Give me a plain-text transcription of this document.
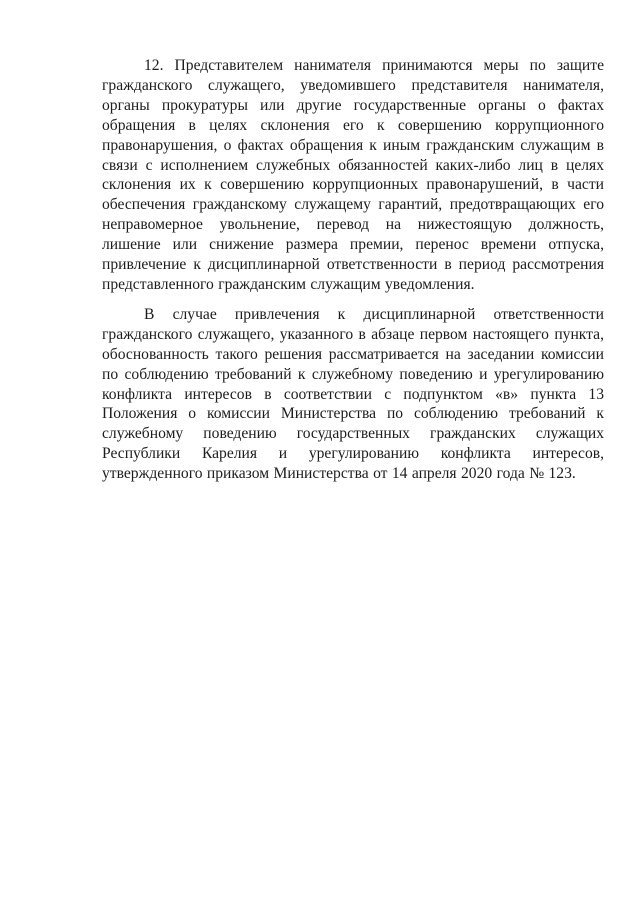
12. Представителем нанимателя принимаются меры по защите гражданского служащего, уведомившего представителя нанимателя, органы прокуратуры или другие государственные органы о фактах обращения в целях склонения его к совершению коррупционного правонарушения, о фактах обращения к иным гражданским служащим в связи с исполнением служебных обязанностей каких-либо лиц в целях склонения их к совершению коррупционных правонарушений, в части обеспечения гражданскому служащему гарантий, предотвращающих его неправомерное увольнение, перевод на нижестоящую должность, лишение или снижение размера премии, перенос времени отпуска, привлечение к дисциплинарной ответственности в период рассмотрения представленного гражданским служащим уведомления.

В случае привлечения к дисциплинарной ответственности гражданского служащего, указанного в абзаце первом настоящего пункта, обоснованность такого решения рассматривается на заседании комиссии по соблюдению требований к служебному поведению и урегулированию конфликта интересов в соответствии с подпунктом «в» пункта 13 Положения о комиссии Министерства по соблюдению требований к служебному поведению государственных гражданских служащих Республики Карелия и урегулированию конфликта интересов, утвержденного приказом Министерства от 14 апреля 2020 года № 123.
